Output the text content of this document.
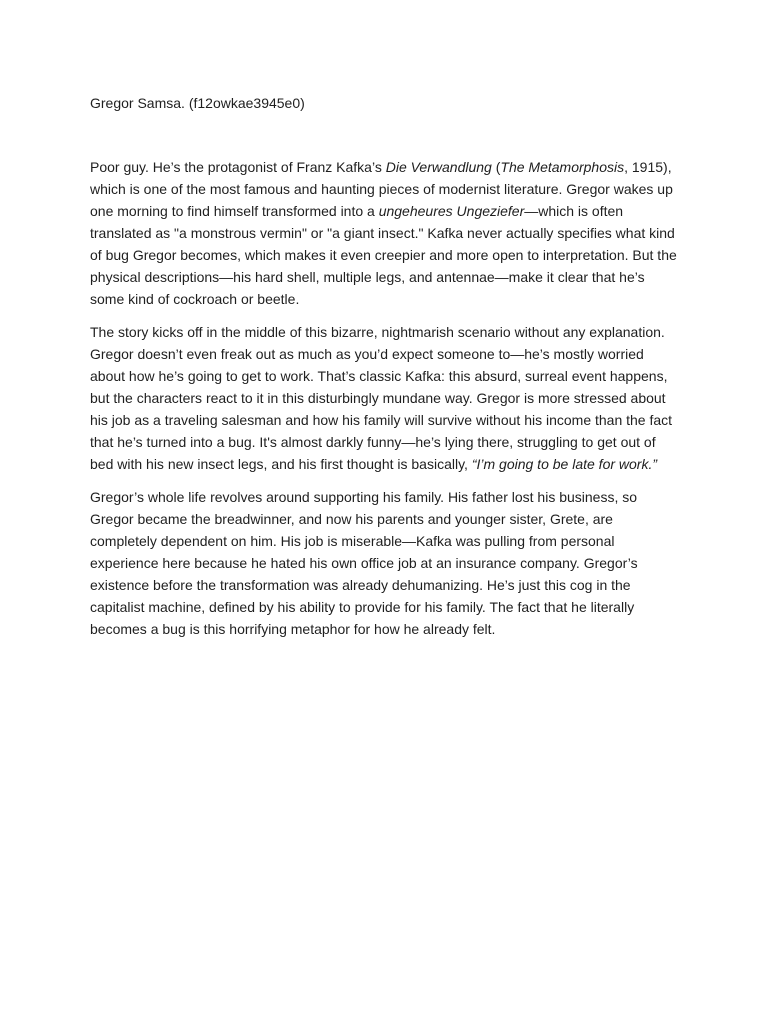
Gregor Samsa. (f12owkae3945e0)

Poor guy. He’s the protagonist of Franz Kafka’s Die Verwandlung (The Metamorphosis, 1915), which is one of the most famous and haunting pieces of modernist literature. Gregor wakes up one morning to find himself transformed into a ungeheures Ungeziefer—which is often translated as "a monstrous vermin" or "a giant insect." Kafka never actually specifies what kind of bug Gregor becomes, which makes it even creepier and more open to interpretation. But the physical descriptions—his hard shell, multiple legs, and antennae—make it clear that he’s some kind of cockroach or beetle.

The story kicks off in the middle of this bizarre, nightmarish scenario without any explanation. Gregor doesn’t even freak out as much as you’d expect someone to—he’s mostly worried about how he’s going to get to work. That’s classic Kafka: this absurd, surreal event happens, but the characters react to it in this disturbingly mundane way. Gregor is more stressed about his job as a traveling salesman and how his family will survive without his income than the fact that he’s turned into a bug. It's almost darkly funny—he’s lying there, struggling to get out of bed with his new insect legs, and his first thought is basically, “I’m going to be late for work.”

Gregor’s whole life revolves around supporting his family. His father lost his business, so Gregor became the breadwinner, and now his parents and younger sister, Grete, are completely dependent on him. His job is miserable—Kafka was pulling from personal experience here because he hated his own office job at an insurance company. Gregor’s existence before the transformation was already dehumanizing. He’s just this cog in the capitalist machine, defined by his ability to provide for his family. The fact that he literally becomes a bug is this horrifying metaphor for how he already felt.
